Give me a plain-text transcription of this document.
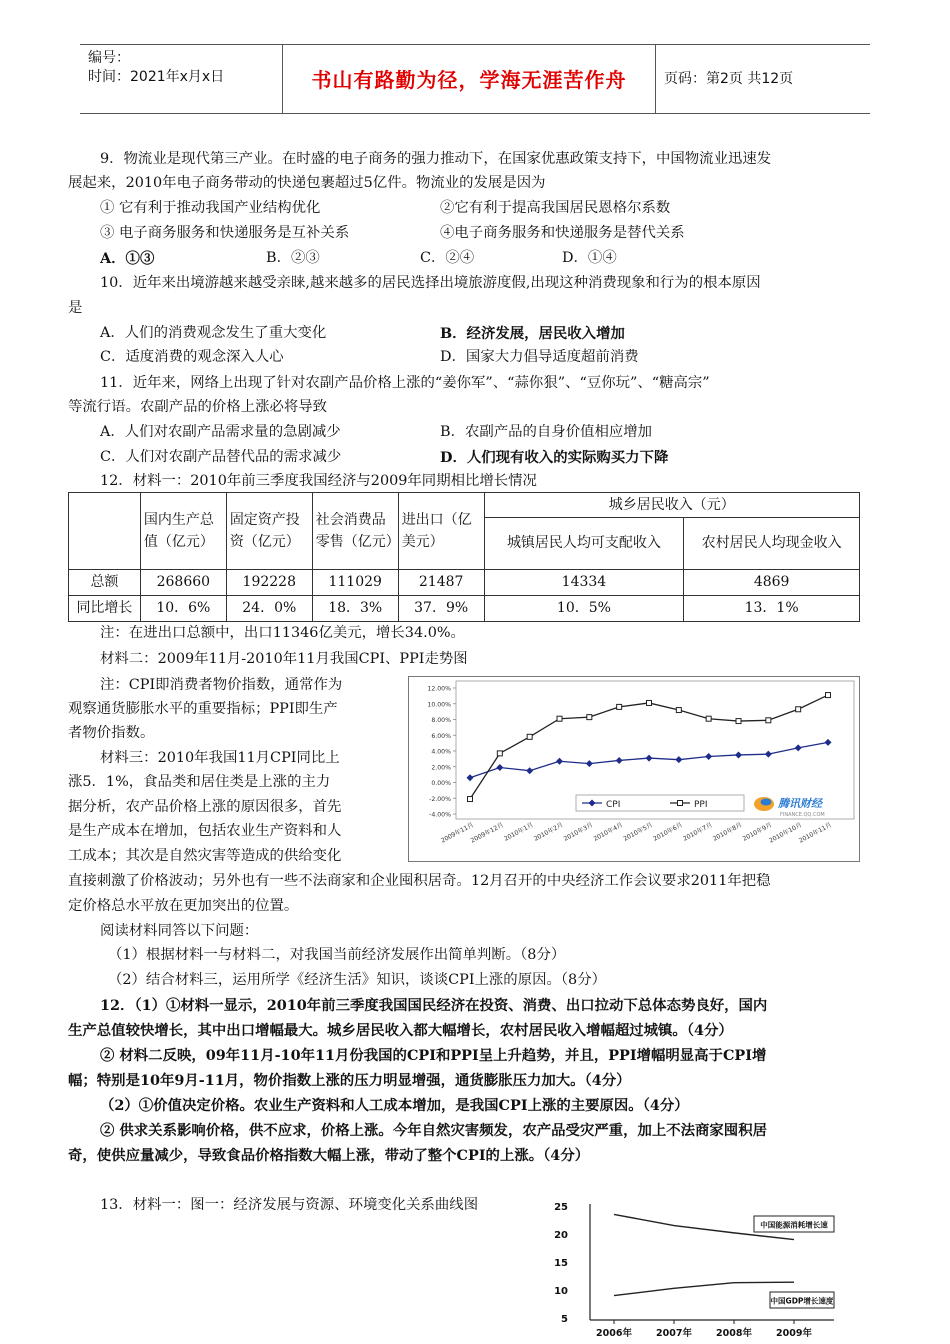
编号：
时间：2021年x月x日	书山有路勤为径，学海无涯苦作舟	页码：第2页 共12页
9．物流业是现代第三产业。在时盛的电子商务的强力推动下，在国家优惠政策支持下，中国物流业迅速发
展起来，2010年电子商务带动的快递包裹超过5亿件。物流业的发展是因为
① 它有利于推动我国产业结构优化	②它有利于提高我国居民恩格尔系数
③ 电子商务服务和快递服务是互补关系	④电子商务服务和快递服务是替代关系
A．①③	B．②③	C．②④	D．①④
10．近年来出境游越来越受亲睐,越来越多的居民选择出境旅游度假,出现这种消费现象和行为的根本原因
是
A．人们的消费观念发生了重大变化	B．经济发展，居民收入增加
C．适度消费的观念深入人心	D．国家大力倡导适度超前消费
11．近年来，网络上出现了针对农副产品价格上涨的“姜你军”、“蒜你狠”、“豆你玩”、“糖高宗”
等流行语。农副产品的价格上涨必将导致
A．人们对农副产品需求量的急剧减少	B．农副产品的自身价值相应增加
C．人们对农副产品替代品的需求减少	D．人们现有收入的实际购买力下降
12．材料一：2010年前三季度我国经济与2009年同期相比增长情况
	国内生产总值（亿元）	固定资产投资（亿元）	社会消费品零售（亿元）	进出口（亿美元）	城乡居民收入（元）	
					城镇居民人均可支配收入	农村居民人均现金收入
总额	268660	192228	111029	21487	14334	4869
同比增长	10．6%	24．0%	18．3%	37．9%	10．5%	13．1%
注：在进出口总额中，出口11346亿美元，增长34.0%。
材料二：2009年11月-2010年11月我国CPI、PPI走势图
注：CPI即消费者物价指数，通常作为
观察通货膨胀水平的重要指标；PPI即生产
者物价指数。
材料三：2010年我国11月CPI同比上
涨5．1%，食品类和居住类是上涨的主力
据分析，农产品价格上涨的原因很多，首先
是生产成本在增加，包括农业生产资料和人
工成本；其次是自然灾害等造成的供给变化
12.00%
10.00%
8.00%
6.00%
4.00%
2.00%
0.00%
-2.00%
-4.00%
2009年11月
2009年12月
2010年1月
2010年2月
2010年3月
2010年4月
2010年5月
2010年6月
2010年7月
2010年8月
2010年9月
2010年10月
2010年11月
CPI	PPI	腾讯财经
FINANCE.QQ.COM
直接刺激了价格波动；另外也有一些不法商家和企业囤积居奇。12月召开的中央经济工作会议要求2011年把稳
定价格总水平放在更加突出的位置。
阅读材料同答以下问题：
（1）根据材料一与材料二，对我国当前经济发展作出简单判断。（8分）
（2）结合材料三，运用所学《经济生活》知识，谈谈CPI上涨的原因。（8分）
12．（1）①材料一显示，2010年前三季度我国国民经济在投资、消费、出口拉动下总体态势良好，国内
生产总值较快增长，其中出口增幅最大。城乡居民收入都大幅增长，农村居民收入增幅超过城镇。（4分）
② 材料二反映，09年11月-10年11月份我国的CPI和PPI呈上升趋势，并且，PPI增幅明显高于CPI增
幅；特别是10年9月-11月，物价指数上涨的压力明显增强，通货膨胀压力加大。（4分）
（2）①价值决定价格。农业生产资料和人工成本增加，是我国CPI上涨的主要原因。（4分）
② 供求关系影响价格，供不应求，价格上涨。今年自然灾害频发，农产品受灾严重，加上不法商家囤积居
奇，使供应量减少，导致食品价格指数大幅上涨，带动了整个CPI的上涨。（4分）
13．材料一：图一：经济发展与资源、环境变化关系曲线图	25
20
15
10
5
2006年	2007年	2008年	2009年
中国能源消耗增长速
中国GDP增长速度
